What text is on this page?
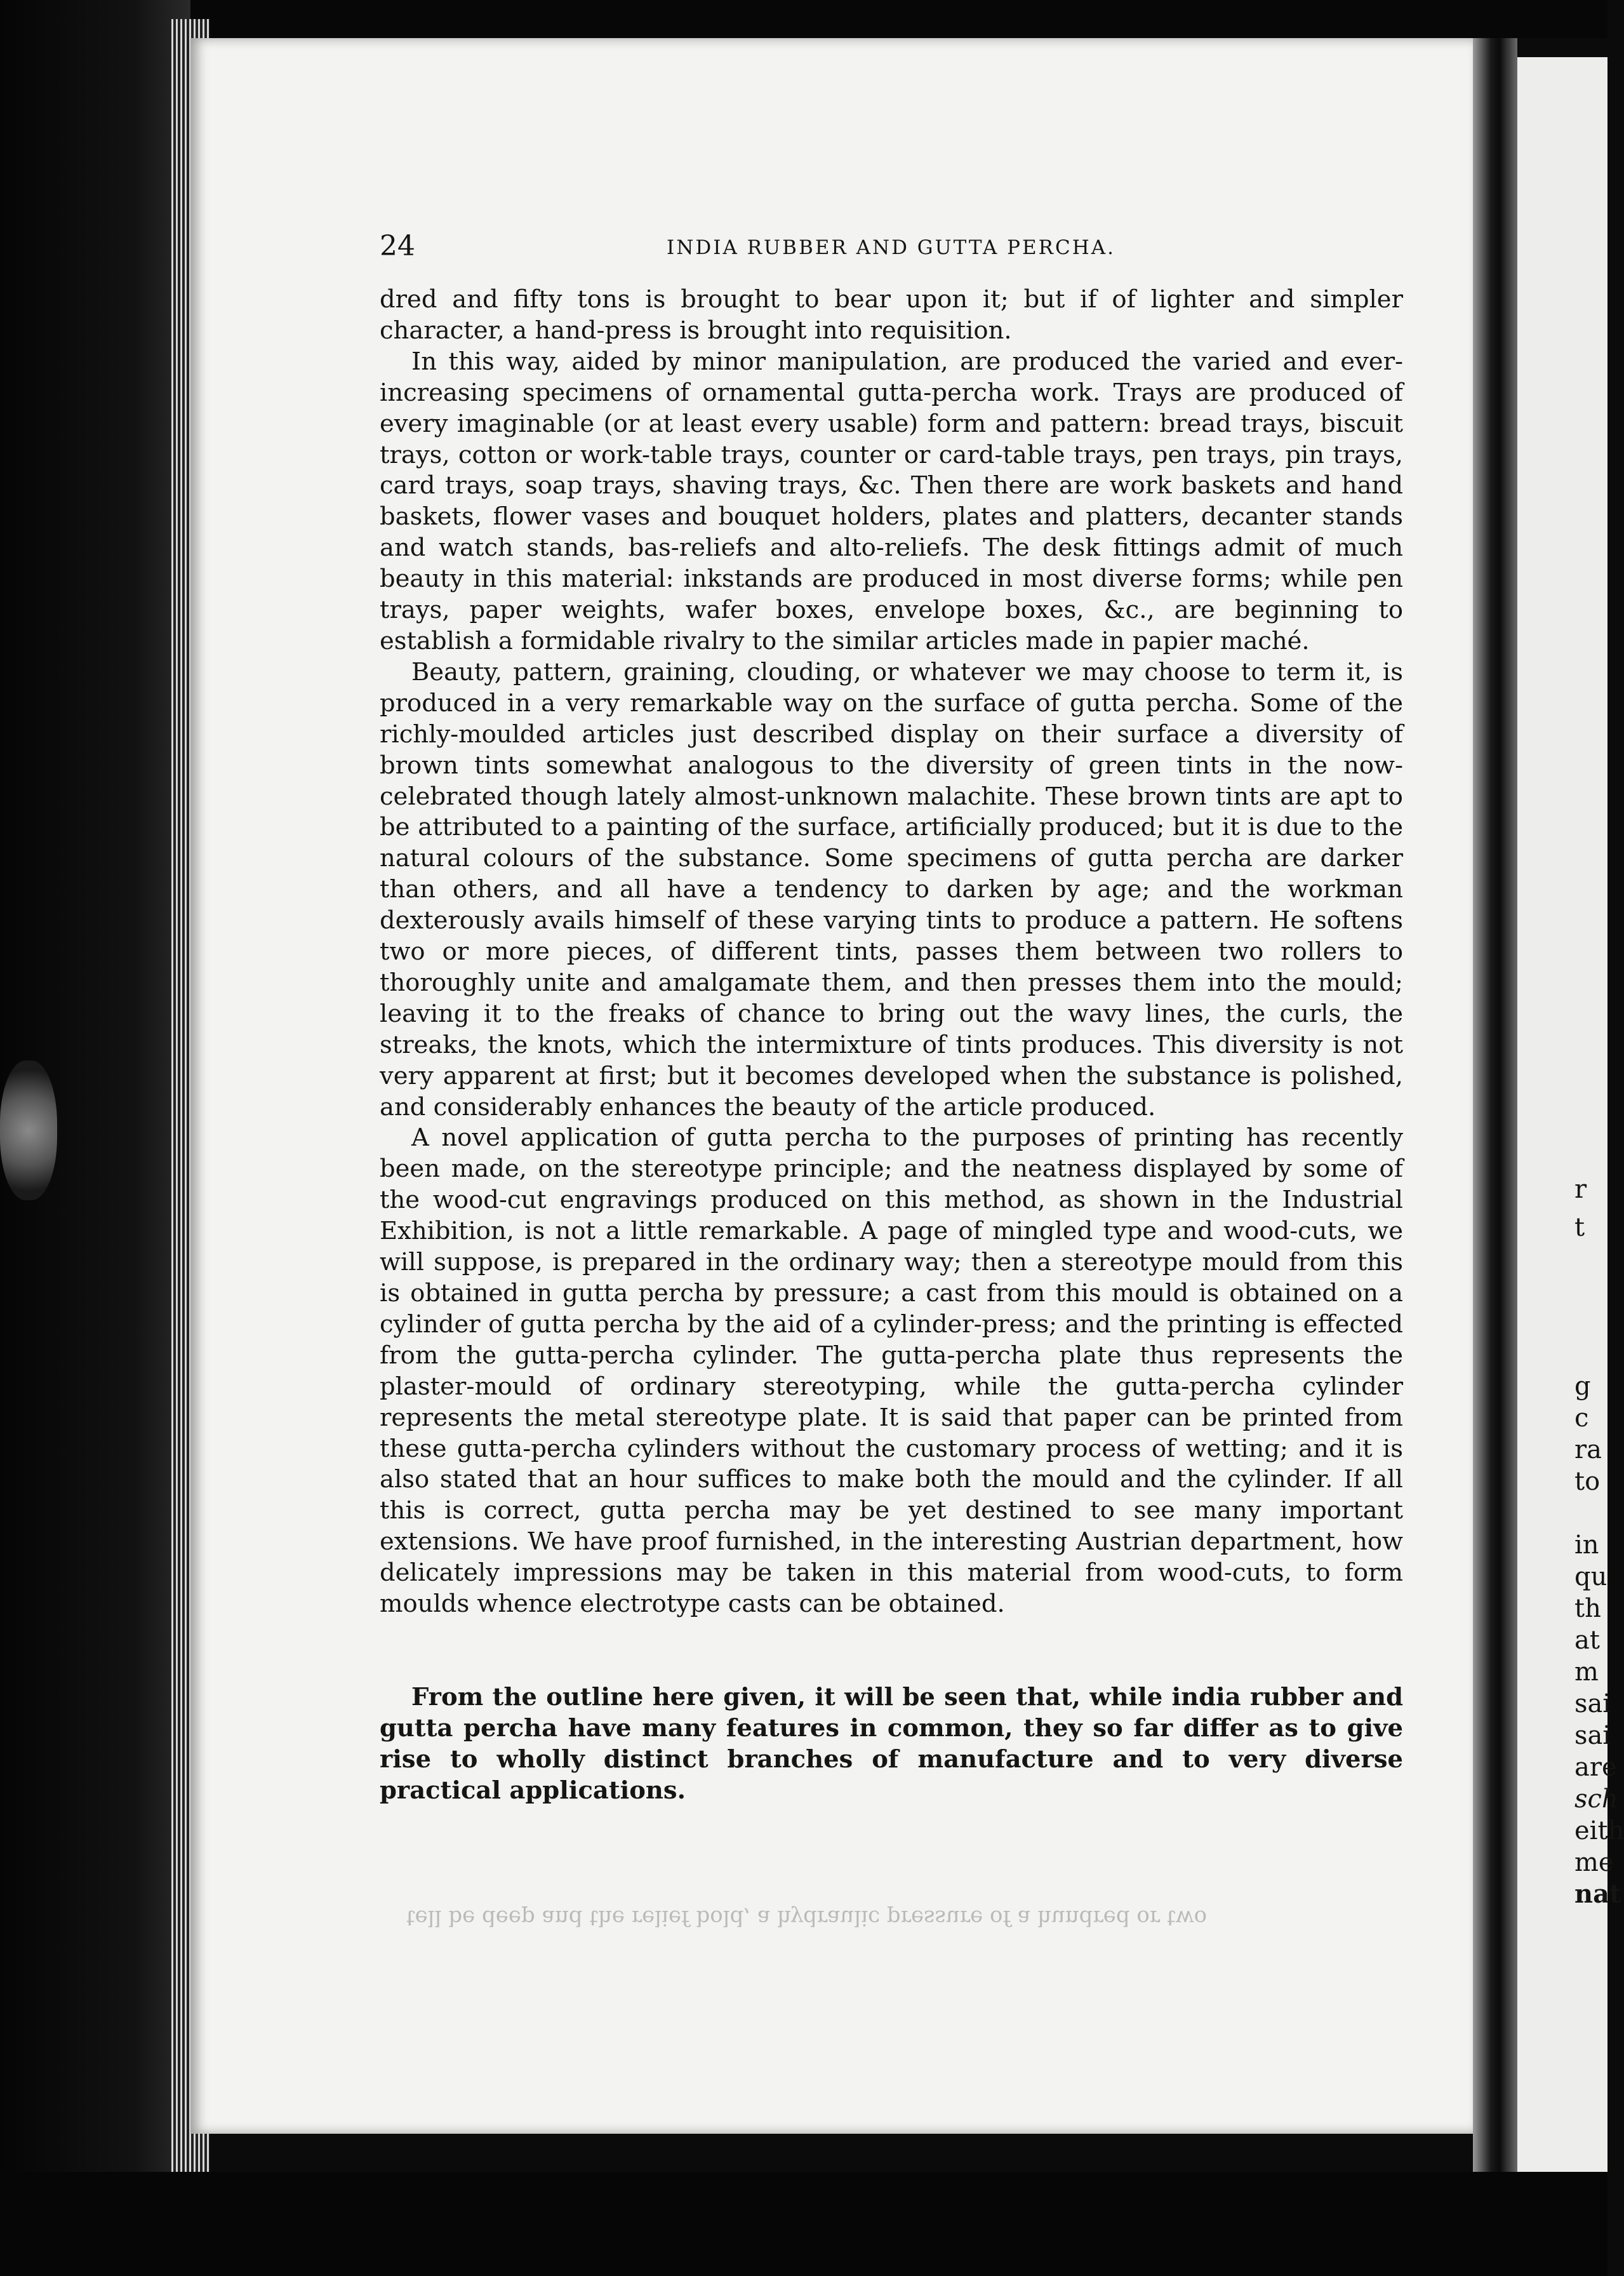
r
t
g
c
ra
to
in
qu
th
at
m
sai
sai
are
sch
eith
me
nat
24	INDIA RUBBER AND GUTTA PERCHA.

dred and fifty tons is brought to bear upon it; but if of lighter and simpler character, a hand-press is brought into requisition.

In this way, aided by minor manipulation, are produced the varied and ever-increasing specimens of ornamental gutta-percha work. Trays are produced of every imaginable (or at least every usable) form and pattern: bread trays, biscuit trays, cotton or work-table trays, counter or card-table trays, pen trays, pin trays, card trays, soap trays, shaving trays, &c. Then there are work baskets and hand baskets, flower vases and bouquet holders, plates and platters, decanter stands and watch stands, bas-reliefs and alto-reliefs. The desk fittings admit of much beauty in this material: inkstands are produced in most diverse forms; while pen trays, paper weights, wafer boxes, envelope boxes, &c., are beginning to establish a formidable rivalry to the similar articles made in papier maché.

Beauty, pattern, graining, clouding, or whatever we may choose to term it, is produced in a very remarkable way on the surface of gutta percha. Some of the richly-moulded articles just described display on their surface a diversity of brown tints somewhat analogous to the diversity of green tints in the now-celebrated though lately almost-unknown malachite. These brown tints are apt to be attributed to a painting of the surface, artificially produced; but it is due to the natural colours of the substance. Some specimens of gutta percha are darker than others, and all have a tendency to darken by age; and the workman dexterously avails himself of these varying tints to produce a pattern. He softens two or more pieces, of different tints, passes them between two rollers to thoroughly unite and amalgamate them, and then presses them into the mould; leaving it to the freaks of chance to bring out the wavy lines, the curls, the streaks, the knots, which the intermixture of tints produces. This diversity is not very apparent at first; but it becomes developed when the substance is polished, and considerably enhances the beauty of the article produced.

A novel application of gutta percha to the purposes of printing has recently been made, on the stereotype principle; and the neatness displayed by some of the wood-cut engravings produced on this method, as shown in the Industrial Exhibition, is not a little remarkable. A page of mingled type and wood-cuts, we will suppose, is prepared in the ordinary way; then a stereotype mould from this is obtained in gutta percha by pressure; a cast from this mould is obtained on a cylinder of gutta percha by the aid of a cylinder-press; and the printing is effected from the gutta-percha cylinder. The gutta-percha plate thus represents the plaster-mould of ordinary stereotyping, while the gutta-percha cylinder represents the metal stereotype plate. It is said that paper can be printed from these gutta-percha cylinders without the customary process of wetting; and it is also stated that an hour suffices to make both the mould and the cylinder. If all this is correct, gutta percha may be yet destined to see many important extensions. We have proof furnished, in the interesting Austrian department, how delicately impressions may be taken in this material from wood-cuts, to form moulds whence electrotype casts can be obtained.

From the outline here given, it will be seen that, while india rubber and gutta percha have many features in common, they so far differ as to give rise to wholly distinct branches of manufacture and to very diverse practical applications.

tell be deep and the relief bold, a hydraulic pressure of a hundred or two
